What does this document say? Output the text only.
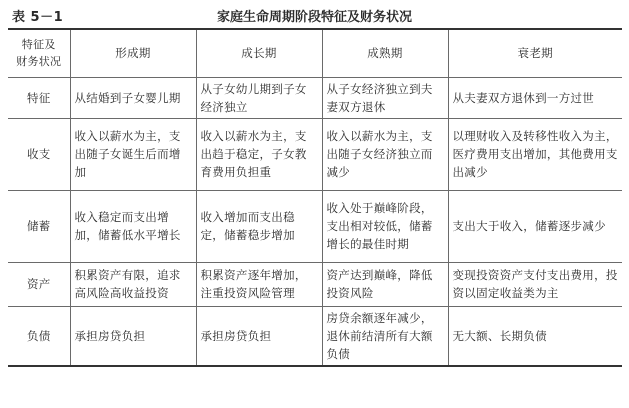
表 5－1	家庭生命周期阶段特征及财务状况
特征及
财务状况	形成期	成长期	成熟期	衰老期
特征	从结婚到子女婴儿期	从子女幼儿期到子女经济独立	从子女经济独立到夫妻双方退休	从夫妻双方退休到一方过世
收支	收入以薪水为主，支出随子女诞生后而增加	收入以薪水为主，支出趋于稳定，子女教育费用负担重	收入以薪水为主，支出随子女经济独立而减少	以理财收入及转移性收入为主，医疗费用支出增加，其他费用支出减少
储蓄	收入稳定而支出增加，储蓄低水平增长	收入增加而支出稳定，储蓄稳步增加	收入处于巅峰阶段，支出相对较低，储蓄增长的最佳时期	支出大于收入，储蓄逐步减少
资产	积累资产有限，追求高风险高收益投资	积累资产逐年增加，注重投资风险管理	资产达到巅峰，降低投资风险	变现投资资产支付支出费用，投资以固定收益类为主
负债	承担房贷负担	承担房贷负担	房贷余额逐年减少，退休前结清所有大额负债	无大额、长期负债
